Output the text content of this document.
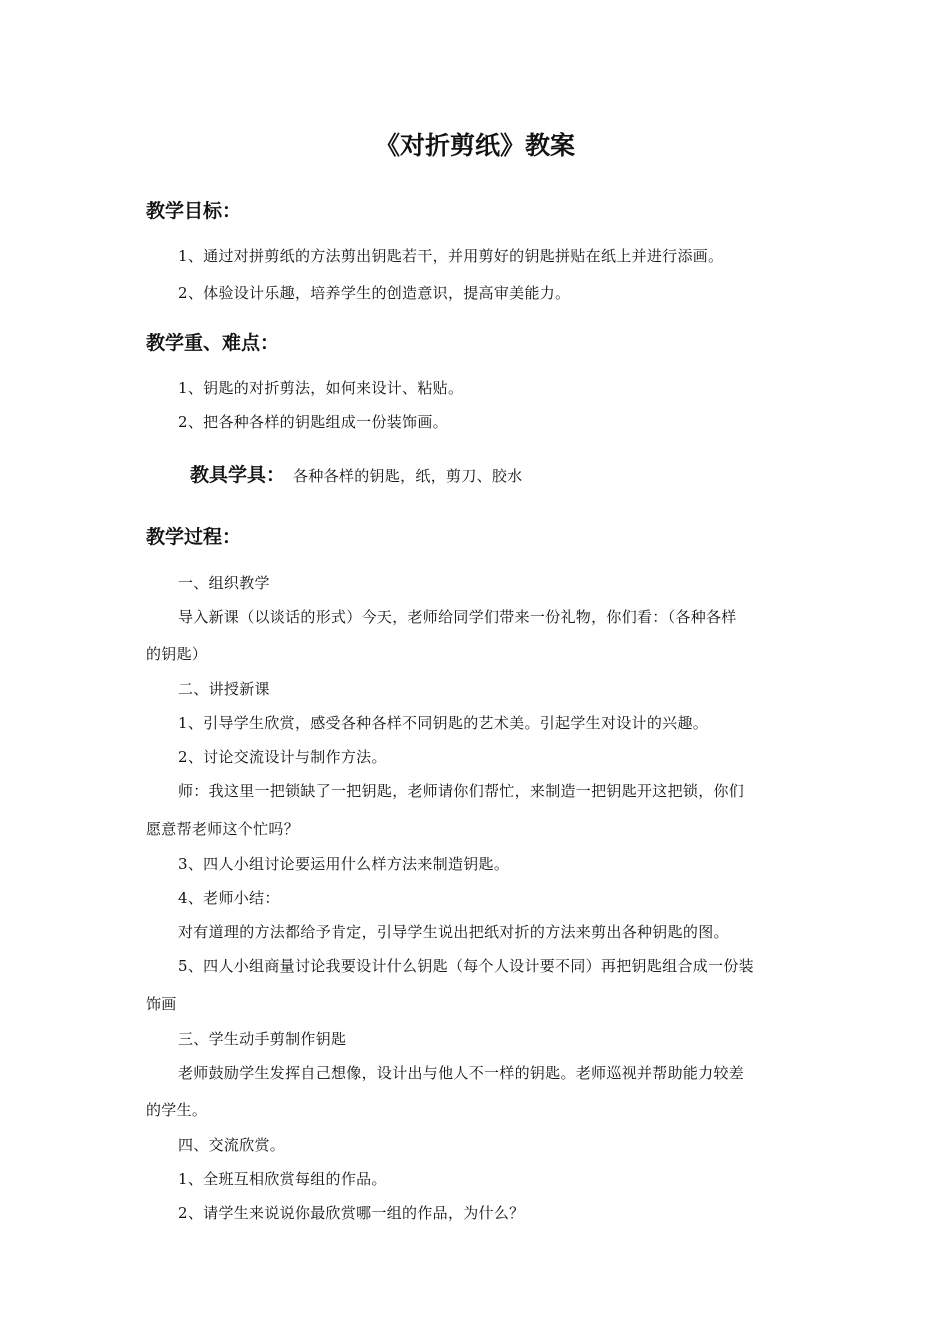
《对折剪纸》教案
教学目标：
1、通过对拼剪纸的方法剪出钥匙若干，并用剪好的钥匙拼贴在纸上并进行添画。
2、体验设计乐趣，培养学生的创造意识，提高审美能力。
教学重、难点：
1、钥匙的对折剪法，如何来设计、粘贴。
2、把各种各样的钥匙组成一份装饰画。
教具学具： 各种各样的钥匙，纸，剪刀、胶水
教学过程：
一、组织教学
导入新课（以谈话的形式）今天，老师给同学们带来一份礼物，你们看：（各种各样
的钥匙）
二、讲授新课
1、引导学生欣赏，感受各种各样不同钥匙的艺术美。引起学生对设计的兴趣。
2、讨论交流设计与制作方法。
师：我这里一把锁缺了一把钥匙，老师请你们帮忙，来制造一把钥匙开这把锁，你们
愿意帮老师这个忙吗？
3、四人小组讨论要运用什么样方法来制造钥匙。
4、老师小结：
对有道理的方法都给予肯定，引导学生说出把纸对折的方法来剪出各种钥匙的图。
5、四人小组商量讨论我要设计什么钥匙（每个人设计要不同）再把钥匙组合成一份装
饰画
三、学生动手剪制作钥匙
老师鼓励学生发挥自己想像，设计出与他人不一样的钥匙。老师巡视并帮助能力较差
的学生。
四、交流欣赏。
1、全班互相欣赏每组的作品。
2、请学生来说说你最欣赏哪一组的作品，为什么？
